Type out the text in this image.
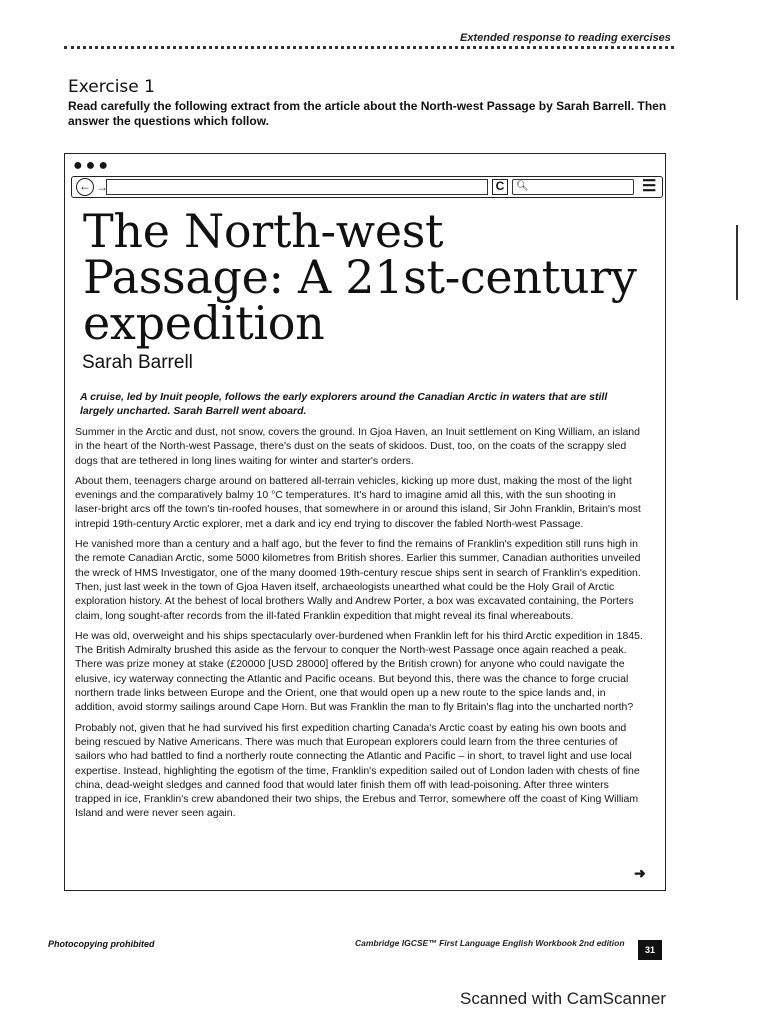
Extended response to reading exercises
Exercise 1
Read carefully the following extract from the article about the North-west Passage by Sarah Barrell. Then answer the questions which follow.
●●●
← →	C	🔍︎	☰
The North-west Passage: A 21st-century expedition
Sarah Barrell

A cruise, led by Inuit people, follows the early explorers around the Canadian Arctic in waters that are still largely uncharted. Sarah Barrell went aboard.

Summer in the Arctic and dust, not snow, covers the ground. In Gjoa Haven, an Inuit settlement on King William, an island in the heart of the North-west Passage, there's dust on the seats of skidoos. Dust, too, on the coats of the scrappy sled dogs that are tethered in long lines waiting for winter and starter's orders.

About them, teenagers charge around on battered all-terrain vehicles, kicking up more dust, making the most of the light evenings and the comparatively balmy 10 °C temperatures. It's hard to imagine amid all this, with the sun shooting in laser-bright arcs off the town's tin-roofed houses, that somewhere in or around this island, Sir John Franklin, Britain's most intrepid 19th-century Arctic explorer, met a dark and icy end trying to discover the fabled North-west Passage.

He vanished more than a century and a half ago, but the fever to find the remains of Franklin's expedition still runs high in the remote Canadian Arctic, some 5000 kilometres from British shores. Earlier this summer, Canadian authorities unveiled the wreck of HMS Investigator, one of the many doomed 19th-century rescue ships sent in search of Franklin's expedition. Then, just last week in the town of Gjoa Haven itself, archaeologists unearthed what could be the Holy Grail of Arctic exploration history. At the behest of local brothers Wally and Andrew Porter, a box was excavated containing, the Porters claim, long sought-after records from the ill-fated Franklin expedition that might reveal its final whereabouts.

He was old, overweight and his ships spectacularly over-burdened when Franklin left for his third Arctic expedition in 1845. The British Admiralty brushed this aside as the fervour to conquer the North-west Passage once again reached a peak. There was prize money at stake (£20000 [USD 28000] offered by the British crown) for anyone who could navigate the elusive, icy waterway connecting the Atlantic and Pacific oceans. But beyond this, there was the chance to forge crucial northern trade links between Europe and the Orient, one that would open up a new route to the spice lands and, in addition, avoid stormy sailings around Cape Horn. But was Franklin the man to fly Britain's flag into the uncharted north?

Probably not, given that he had survived his first expedition charting Canada's Arctic coast by eating his own boots and being rescued by Native Americans. There was much that European explorers could learn from the three centuries of sailors who had battled to find a northerly route connecting the Atlantic and Pacific – in short, to travel light and use local expertise. Instead, highlighting the egotism of the time, Franklin's expedition sailed out of London laden with chests of fine china, dead-weight sledges and canned food that would later finish them off with lead-poisoning. After three winters trapped in ice, Franklin's crew abandoned their two ships, the Erebus and Terror, somewhere off the coast of King William Island and were never seen again.

➜
Photocopying prohibited	Cambridge IGCSE™ First Language English Workbook 2nd edition
31
Scanned with CamScanner
